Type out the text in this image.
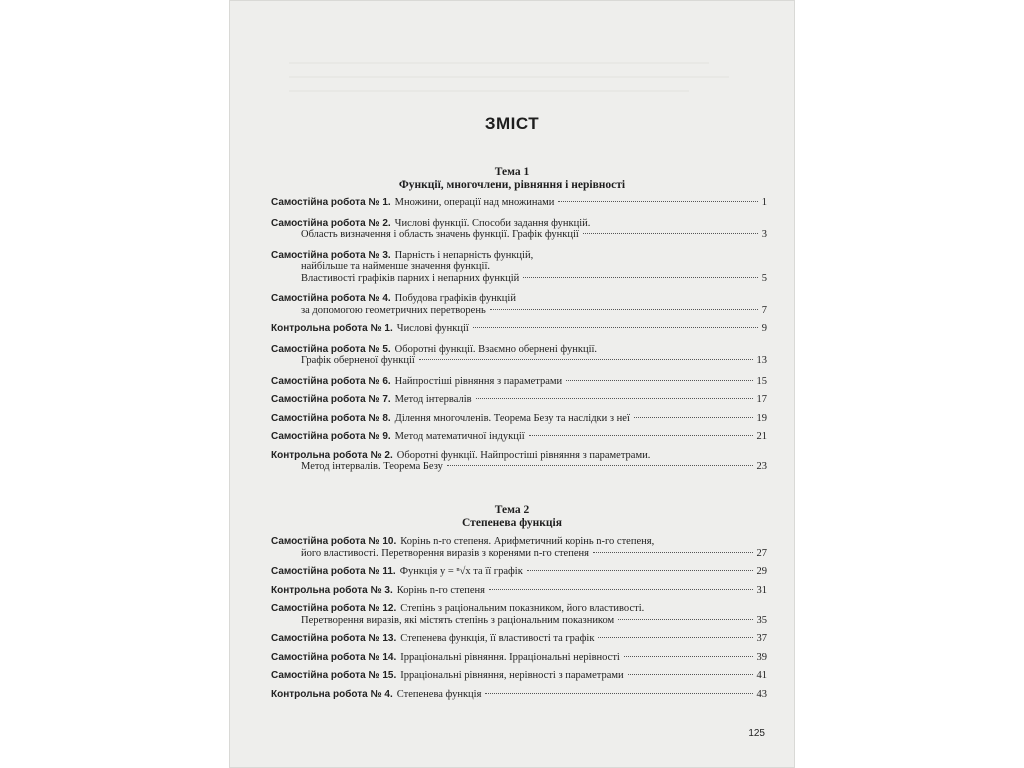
ЗМІСТ
Тема 1
Функції, многочлени, рівняння і нерівності
Самостійна робота № 1. Множини, операції над множинами	1
Самостійна робота № 2. Числові функції. Способи задання функцій.
Область визначення і область значень функції. Графік функції	3
Самостійна робота № 3. Парність і непарність функцій,
найбільше та найменше значення функції.
Властивості графіків парних і непарних функцій	5
Самостійна робота № 4. Побудова графіків функцій
за допомогою геометричних перетворень	7
Контрольна робота № 1. Числові функції	9
Самостійна робота № 5. Оборотні функції. Взаємно обернені функції.
Графік оберненої функції	13
Самостійна робота № 6. Найпростіші рівняння з параметрами	15
Самостійна робота № 7. Метод інтервалів	17
Самостійна робота № 8. Ділення многочленів. Теорема Безу та наслідки з неї	19
Самостійна робота № 9. Метод математичної індукції	21
Контрольна робота № 2. Оборотні функції. Найпростіші рівняння з параметрами.
Метод інтервалів. Теорема Безу	23
Тема 2
Степенева функція
Самостійна робота № 10. Корінь n-го степеня. Арифметичний корінь n-го степеня,
його властивості. Перетворення виразів з коренями n-го степеня	27
Самостійна робота № 11. Функція y = ⁿ√x та її графік	29
Контрольна робота № 3. Корінь n-го степеня	31
Самостійна робота № 12. Степінь з раціональним показником, його властивості.
Перетворення виразів, які містять степінь з раціональним показником	35
Самостійна робота № 13. Степенева функція, її властивості та графік	37
Самостійна робота № 14. Ірраціональні рівняння. Ірраціональні нерівності	39
Самостійна робота № 15. Ірраціональні рівняння, нерівності з параметрами	41
Контрольна робота № 4. Степенева функція	43
125
